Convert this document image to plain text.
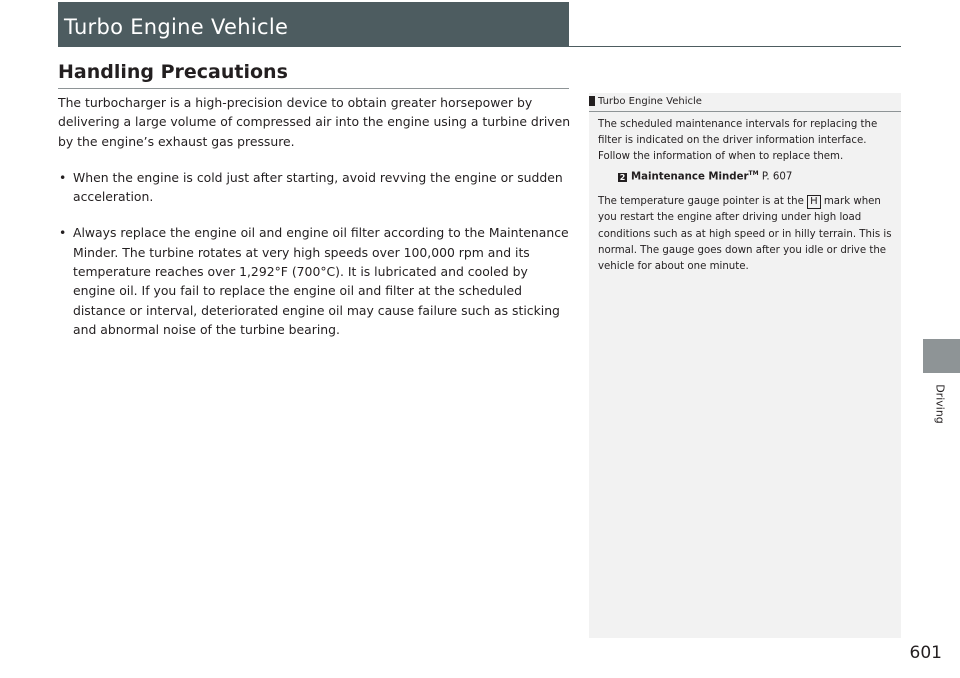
Turbo Engine Vehicle
Handling Precautions

The turbocharger is a high-precision device to obtain greater horsepower by delivering a large volume of compressed air into the engine using a turbine driven by the engine’s exhaust gas pressure.

• When the engine is cold just after starting, avoid revving the engine or sudden acceleration.
• Always replace the engine oil and engine oil filter according to the Maintenance Minder. The turbine rotates at very high speeds over 100,000 rpm and its temperature reaches over 1,292°F (700°C). It is lubricated and cooled by engine oil. If you fail to replace the engine oil and filter at the scheduled distance or interval, deteriorated engine oil may cause failure such as sticking and abnormal noise of the turbine bearing.
Turbo Engine Vehicle

The scheduled maintenance intervals for replacing the filter is indicated on the driver information interface. Follow the information of when to replace them.

2 Maintenance Minder™ P. 607

The temperature gauge pointer is at the H mark when you restart the engine after driving under high load conditions such as at high speed or in hilly terrain. This is normal. The gauge goes down after you idle or drive the vehicle for about one minute.

Driving
601
